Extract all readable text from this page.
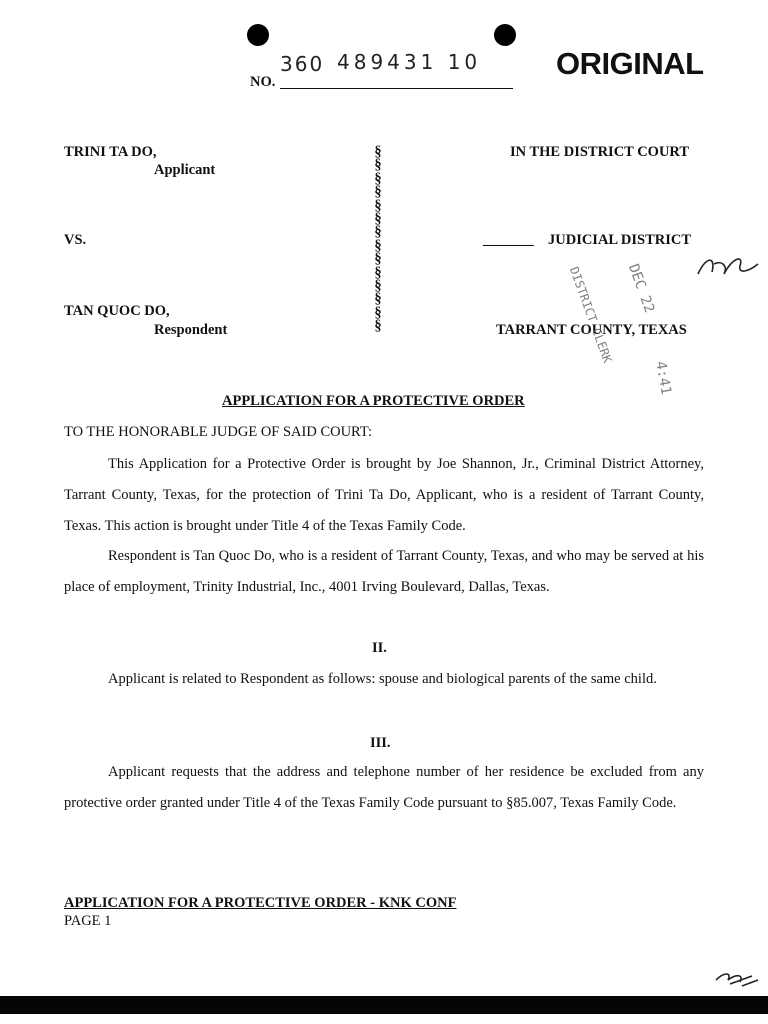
NO.
360 489431 10 ORIGINAL
TRINI TA DO,
Applicant
VS.
TAN QUOC DO,
Respondent
§
§
§
§
§
§
§
§
§
§
§
§
§
§
IN THE DISTRICT COURT
_______ JUDICIAL DISTRICT
TARRANT COUNTY, TEXAS
DISTRICT CLERK DEC 22
4:41
APPLICATION FOR A PROTECTIVE ORDER
TO THE HONORABLE JUDGE OF SAID COURT:
This Application for a Protective Order is brought by Joe Shannon, Jr., Criminal District Attorney, Tarrant County, Texas, for the protection of Trini Ta Do, Applicant, who is a resident of Tarrant County, Texas. This action is brought under Title 4 of the Texas Family Code.
Respondent is Tan Quoc Do, who is a resident of Tarrant County, Texas, and who may be served at his place of employment, Trinity Industrial, Inc., 4001 Irving Boulevard, Dallas, Texas.
II.
Applicant is related to Respondent as follows: spouse and biological parents of the same child.
III.
Applicant requests that the address and telephone number of her residence be excluded from any protective order granted under Title 4 of the Texas Family Code pursuant to §85.007, Texas Family Code.
APPLICATION FOR A PROTECTIVE ORDER - KNK CONF
PAGE 1
